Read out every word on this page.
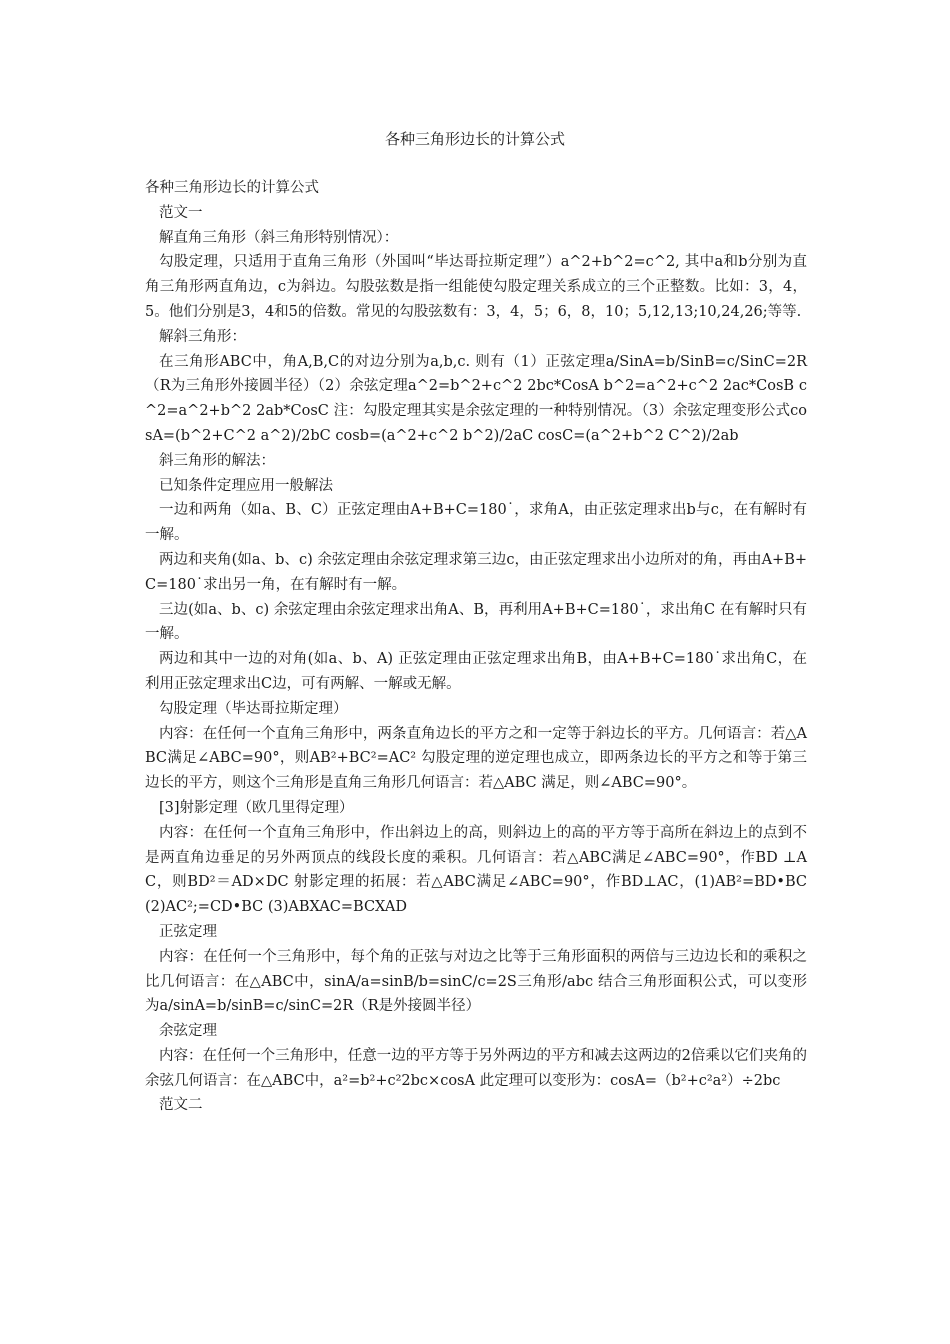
各种三角形边长的计算公式

各种三角形边长的计算公式

范文一

解直角三角形（斜三角形特别情况）：

勾股定理，只适用于直角三角形（外国叫“毕达哥拉斯定理”）a^2+b^2=c^2, 其中a和b分别为直角三角形两直角边，c为斜边。勾股弦数是指一组能使勾股定理关系成立的三个正整数。比如：3，4，5。他们分别是3，4和5的倍数。常见的勾股弦数有：3，4，5；6，8，10；5,12,13;10,24,26;等等.

解斜三角形：

在三角形ABC中，角A,B,C的对边分别为a,b,c. 则有（1）正弦定理a/SinA=b/SinB=c/SinC=2R（R为三角形外接圆半径）（2）余弦定理a^2=b^2+c^2 2bc*CosA b^2=a^2+c^2 2ac*CosB c^2=a^2+b^2 2ab*CosC 注：勾股定理其实是余弦定理的一种特别情况。（3）余弦定理变形公式cosA=(b^2+C^2 a^2)/2bC cosb=(a^2+c^2 b^2)/2aC cosC=(a^2+b^2 C^2)/2ab

斜三角形的解法：

已知条件定理应用一般解法

一边和两角（如a、B、C）正弦定理由A+B+C=180˙，求角A，由正弦定理求出b与c，在有解时有一解。

两边和夹角(如a、b、c) 余弦定理由余弦定理求第三边c，由正弦定理求出小边所对的角，再由A+B+C=180˙求出另一角，在有解时有一解。

三边(如a、b、c) 余弦定理由余弦定理求出角A、B，再利用A+B+C=180˙，求出角C 在有解时只有一解。

两边和其中一边的对角(如a、b、A) 正弦定理由正弦定理求出角B，由A+B+C=180˙求出角C，在利用正弦定理求出C边，可有两解、一解或无解。

勾股定理（毕达哥拉斯定理）

内容：在任何一个直角三角形中，两条直角边长的平方之和一定等于斜边长的平方。几何语言：若△ABC满足∠ABC=90°，则AB²+BC²=AC² 勾股定理的逆定理也成立，即两条边长的平方之和等于第三边长的平方，则这个三角形是直角三角形几何语言：若△ABC 满足，则∠ABC=90°。

[3]射影定理（欧几里得定理）

内容：在任何一个直角三角形中，作出斜边上的高，则斜边上的高的平方等于高所在斜边上的点到不是两直角边垂足的另外两顶点的线段长度的乘积。几何语言：若△ABC满足∠ABC=90°，作BD ⊥AC，则BD²＝AD×DC 射影定理的拓展：若△ABC满足∠ABC=90°，作BD⊥AC，(1)AB²=BD•BC (2)AC²;=CD•BC (3)ABXAC=BCXAD

正弦定理

内容：在任何一个三角形中，每个角的正弦与对边之比等于三角形面积的两倍与三边边长和的乘积之比几何语言：在△ABC中，sinA/a=sinB/b=sinC/c=2S三角形/abc 结合三角形面积公式，可以变形为a/sinA=b/sinB=c/sinC=2R（R是外接圆半径）

余弦定理

内容：在任何一个三角形中，任意一边的平方等于另外两边的平方和减去这两边的2倍乘以它们夹角的余弦几何语言：在△ABC中，a²=b²+c²2bc×cosA 此定理可以变形为：cosA=（b²+c²a²）÷2bc

范文二
